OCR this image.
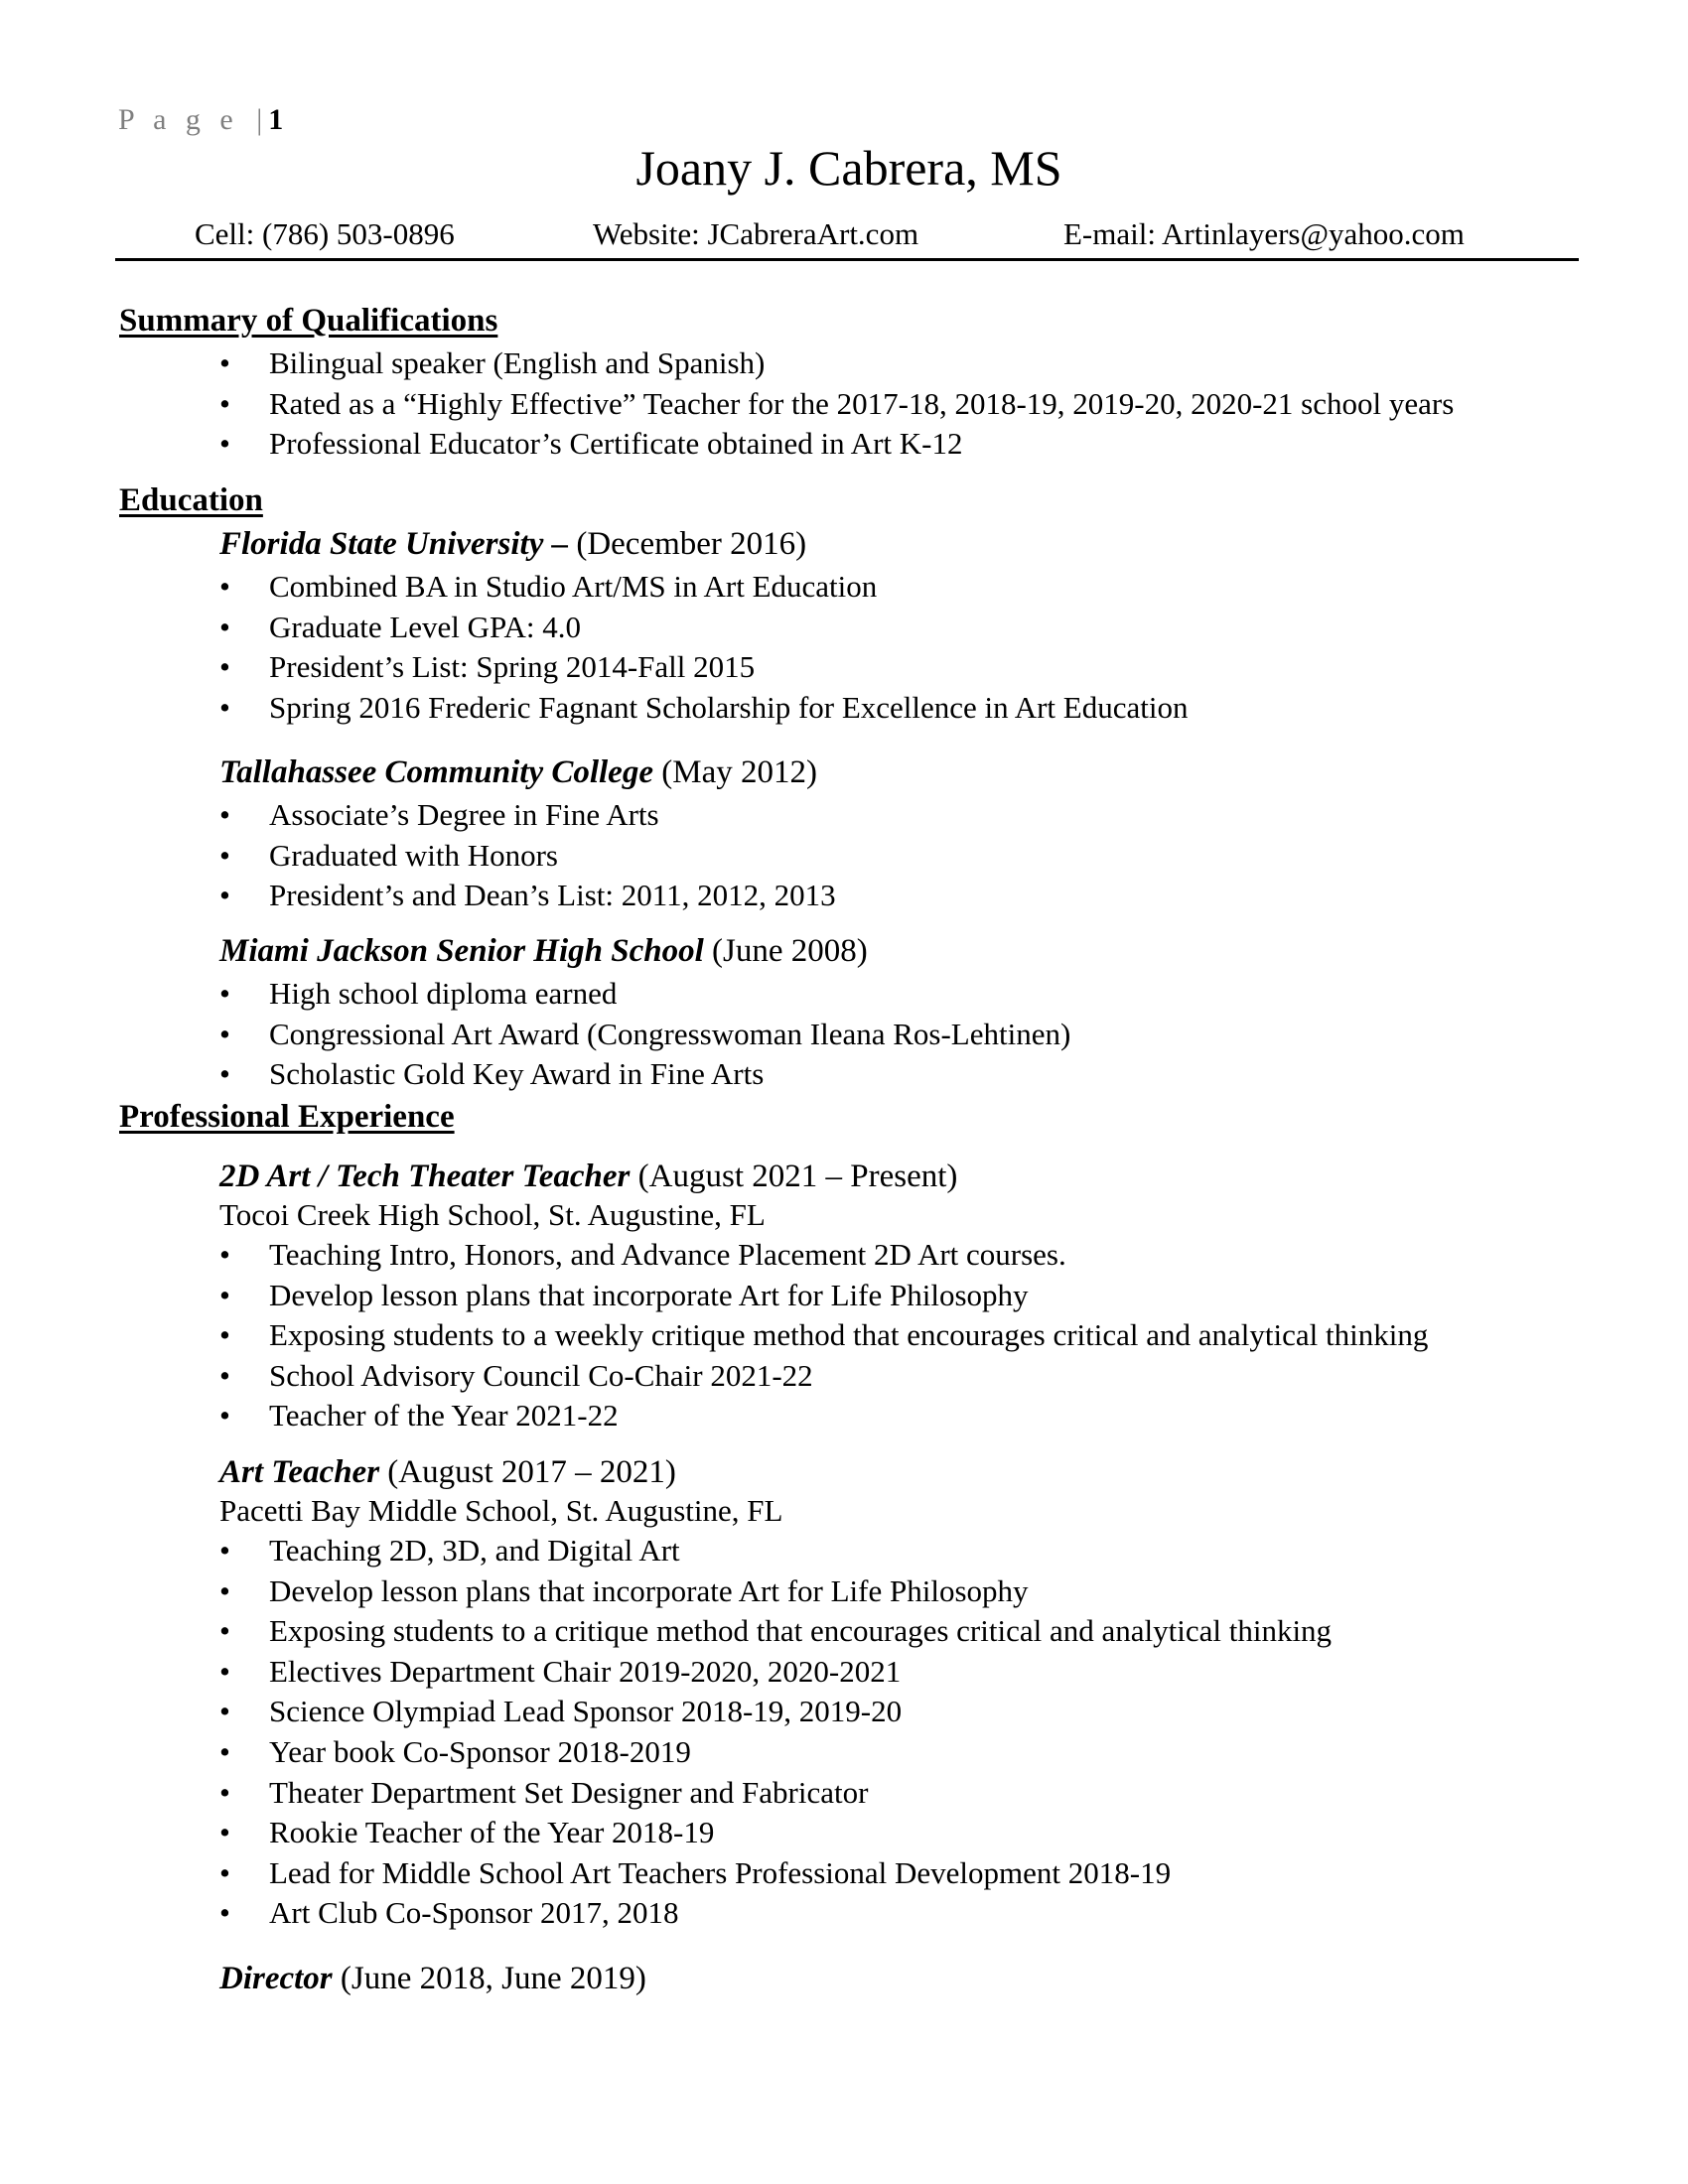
P a g e | 1
Joany J. Cabrera, MS
Cell: (786) 503-0896	Website: JCabreraArt.com	E-mail: Artinlayers@yahoo.com
Summary of Qualifications
•	Bilingual speaker (English and Spanish)
•	Rated as a “Highly Effective” Teacher for the 2017-18, 2018-19, 2019-20, 2020-21 school years
•	Professional Educator’s Certificate obtained in Art K-12
Education
Florida State University – (December 2016)
•	Combined BA in Studio Art/MS in Art Education
•	Graduate Level GPA: 4.0
•	President’s List: Spring 2014-Fall 2015
•	Spring 2016 Frederic Fagnant Scholarship for Excellence in Art Education
Tallahassee Community College (May 2012)
•	Associate’s Degree in Fine Arts
•	Graduated with Honors
•	President’s and Dean’s List: 2011, 2012, 2013
Miami Jackson Senior High School (June 2008)
•	High school diploma earned
•	Congressional Art Award (Congresswoman Ileana Ros-Lehtinen)
•	Scholastic Gold Key Award in Fine Arts
Professional Experience
2D Art / Tech Theater Teacher (August 2021 – Present)
Tocoi Creek High School, St. Augustine, FL
•	Teaching Intro, Honors, and Advance Placement 2D Art courses.
•	Develop lesson plans that incorporate Art for Life Philosophy
•	Exposing students to a weekly critique method that encourages critical and analytical thinking
•	School Advisory Council Co-Chair 2021-22
•	Teacher of the Year 2021-22
Art Teacher (August 2017 – 2021)
Pacetti Bay Middle School, St. Augustine, FL
•	Teaching 2D, 3D, and Digital Art
•	Develop lesson plans that incorporate Art for Life Philosophy
•	Exposing students to a critique method that encourages critical and analytical thinking
•	Electives Department Chair 2019-2020, 2020-2021
•	Science Olympiad Lead Sponsor 2018-19, 2019-20
•	Year book Co-Sponsor 2018-2019
•	Theater Department Set Designer and Fabricator
•	Rookie Teacher of the Year 2018-19
•	Lead for Middle School Art Teachers Professional Development 2018-19
•	Art Club Co-Sponsor 2017, 2018
Director (June 2018, June 2019)
